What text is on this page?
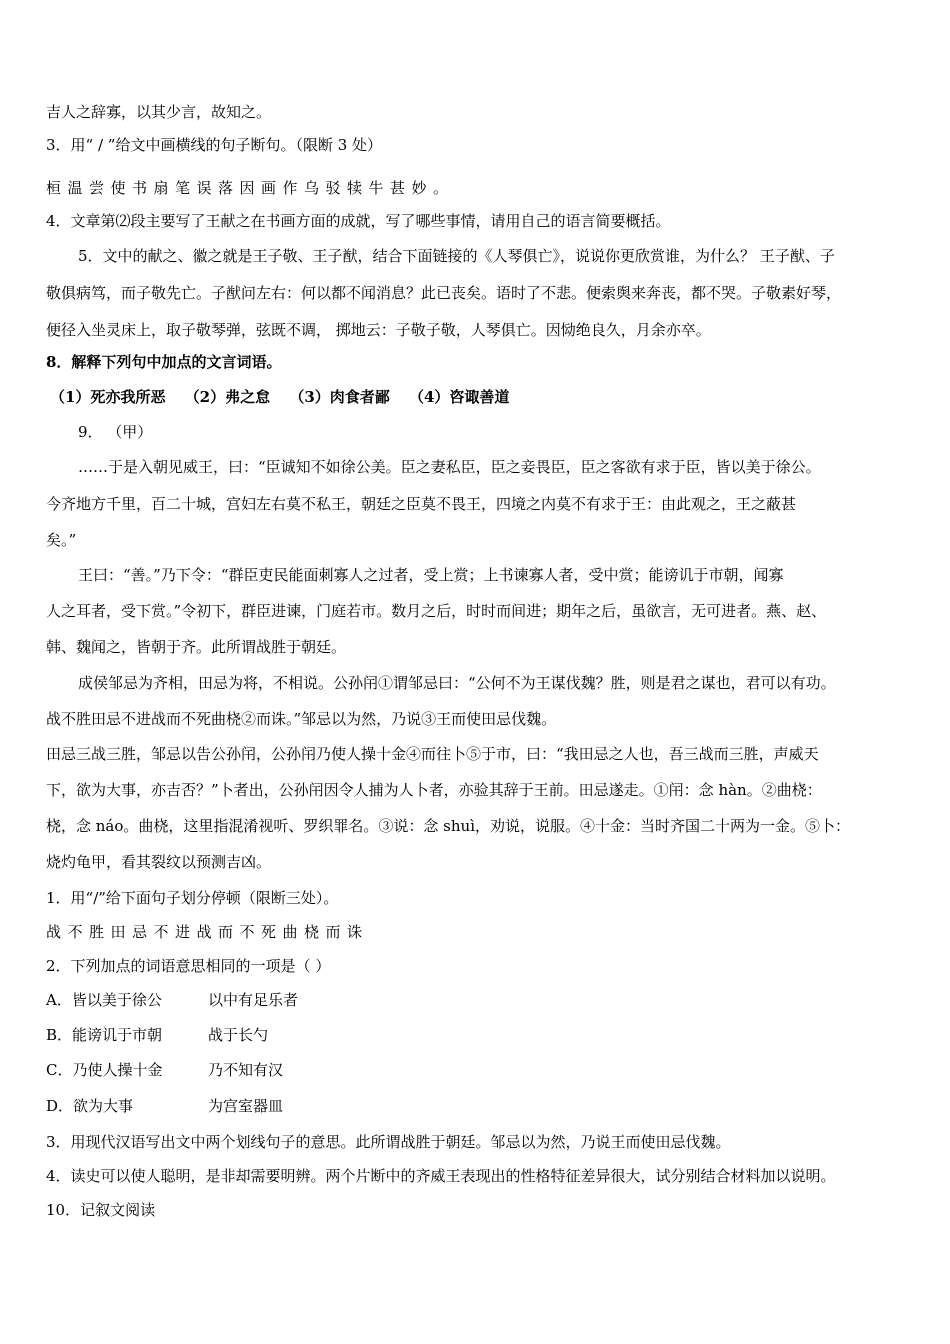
吉人之辞寡，以其少言，故知之。
3．用“ / ”给文中画横线的句子断句。（限断 3 处）
桓温尝使书扇笔误落因画作乌驳犊牛甚妙。
4．文章第⑵段主要写了王献之在书画方面的成就，写了哪些事情，请用自己的语言简要概括。
5．文中的献之、徽之就是王子敬、王子猷，结合下面链接的《人琴俱亡》，说说你更欣赏谁，为什么？ 王子猷、子
敬俱病笃，而子敬先亡。子猷问左右：何以都不闻消息？此已丧矣。语时了不悲。便索舆来奔丧，都不哭。子敬素好琴，
便径入坐灵床上，取子敬琴弹，弦既不调， 掷地云：子敬子敬，人琴俱亡。因恸绝良久，月余亦卒。
8．解释下列句中加点的文言词语。
（1）死亦我所恶 （2）弗之怠 （3）肉食者鄙 （4）咨诹善道
9． （甲）
……于是入朝见威王，曰：“臣诚知不如徐公美。臣之妻私臣，臣之妾畏臣，臣之客欲有求于臣，皆以美于徐公。
今齐地方千里，百二十城，宫妇左右莫不私王，朝廷之臣莫不畏王，四境之内莫不有求于王：由此观之，王之蔽甚
矣。”
王曰：“善。”乃下令：“群臣吏民能面刺寡人之过者，受上赏；上书谏寡人者，受中赏；能谤讥于市朝，闻寡
人之耳者，受下赏。”令初下，群臣进谏，门庭若市。数月之后，时时而间进；期年之后，虽欲言，无可进者。燕、赵、
韩、魏闻之，皆朝于齐。此所谓战胜于朝廷。
成侯邹忌为齐相，田忌为将，不相说。公孙闬①谓邹忌曰：“公何不为王谋伐魏？胜，则是君之谋也，君可以有功。
战不胜田忌不进战而不死曲桡②而诛。”邹忌以为然，乃说③王而使田忌伐魏。
田忌三战三胜，邹忌以告公孙闬，公孙闬乃使人操十金④而往卜⑤于市，曰：“我田忌之人也，吾三战而三胜，声威天
下，欲为大事，亦吉否？”卜者出，公孙闬因令人捕为人卜者，亦验其辞于王前。田忌遂走。①闬：念 hàn。②曲桡：
桡，念 náo。曲桡，这里指混淆视听、罗织罪名。③说：念 shuì，劝说，说服。④十金：当时齐国二十两为一金。⑤卜：
烧灼龟甲，看其裂纹以预测吉凶。
1．用“/”给下面句子划分停顿（限断三处）。
战不胜田忌不进战而不死曲桡而诛
2．下列加点的词语意思相同的一项是（ ）
A．皆以美于徐公	以中有足乐者
B．能谤讥于市朝	战于长勺
C．乃使人操十金	乃不知有汉
D．欲为大事	为宫室器皿
3．用现代汉语写出文中两个划线句子的意思。此所谓战胜于朝廷。邹忌以为然，乃说王而使田忌伐魏。
4．读史可以使人聪明，是非却需要明辨。两个片断中的齐威王表现出的性格特征差异很大，试分别结合材料加以说明。
10．记叙文阅读
